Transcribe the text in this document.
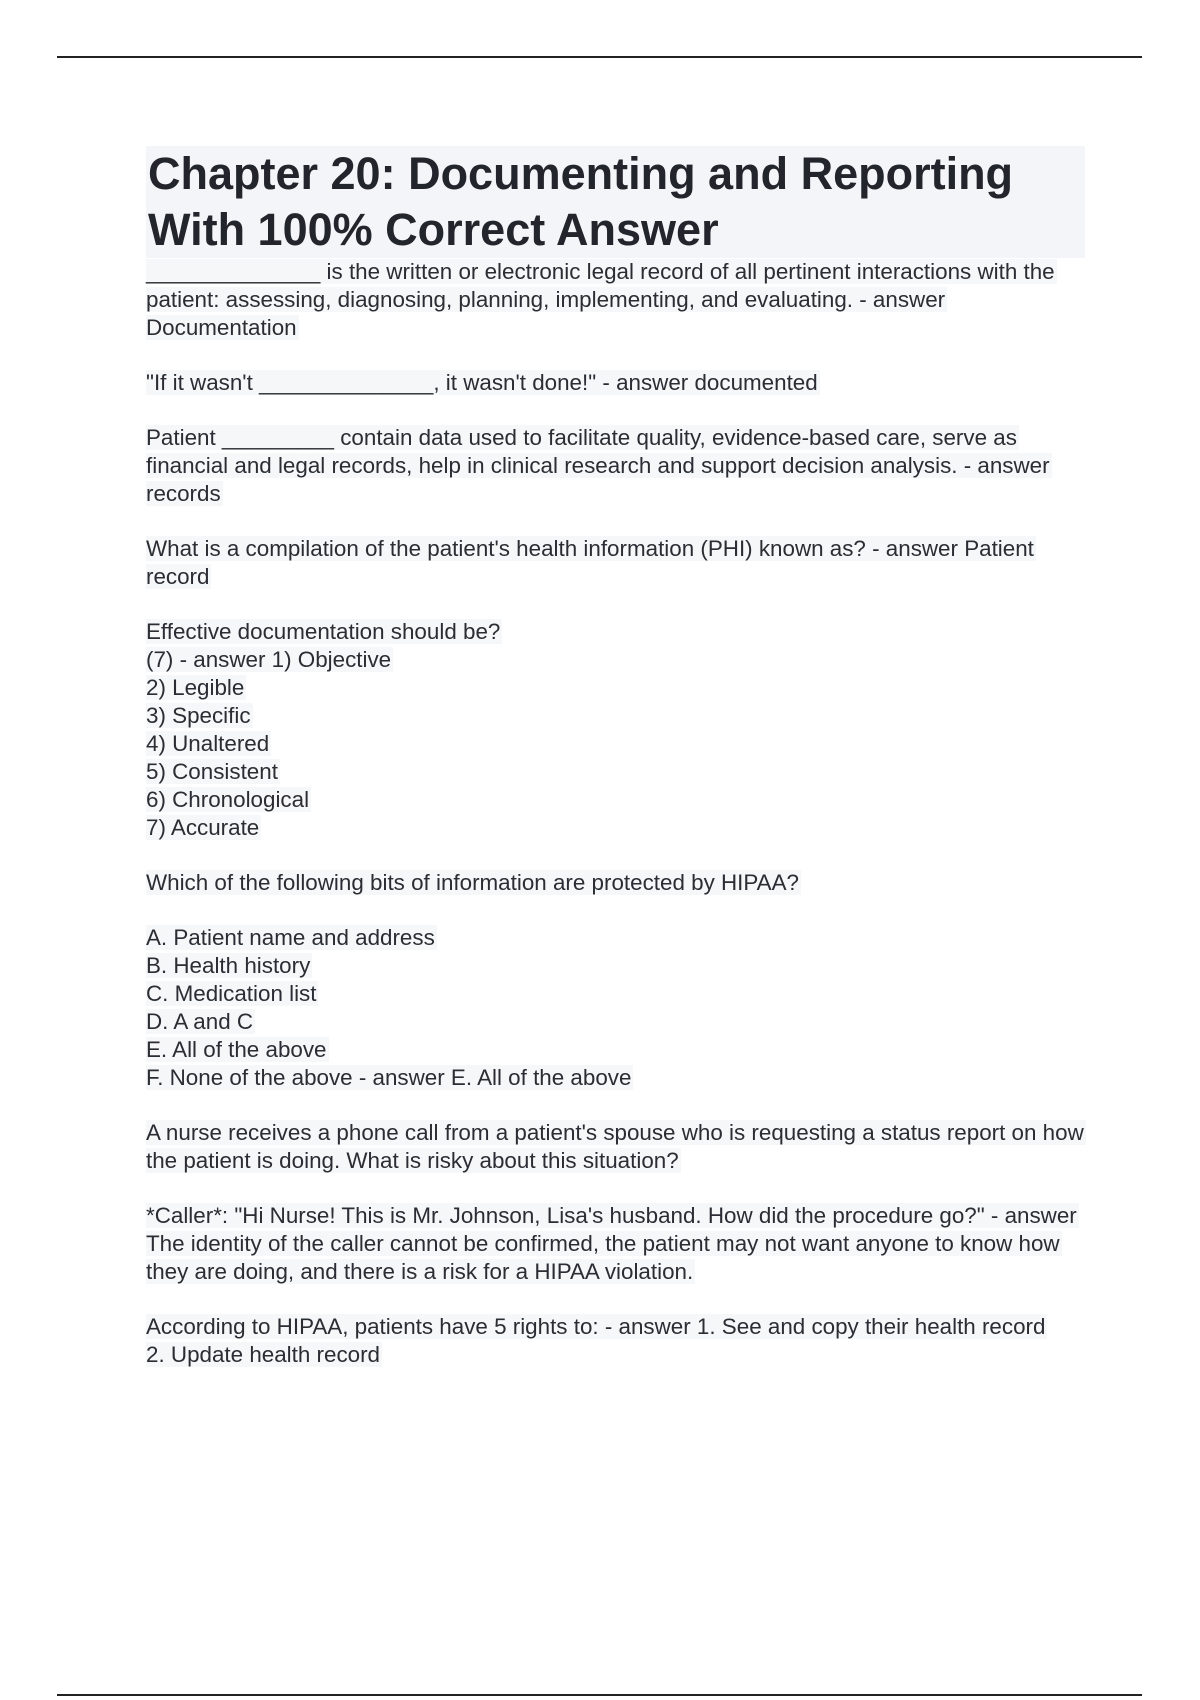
Chapter 20: Documenting and Reporting
With 100% Correct Answer

______________ is the written or electronic legal record of all pertinent interactions with the patient: assessing, diagnosing, planning, implementing, and evaluating. - answer Documentation

"If it wasn't ______________, it wasn't done!" - answer documented

Patient _________ contain data used to facilitate quality, evidence-based care, serve as financial and legal records, help in clinical research and support decision analysis. - answer records

What is a compilation of the patient's health information (PHI) known as? - answer Patient record

Effective documentation should be?
(7) - answer 1) Objective
2) Legible
3) Specific
4) Unaltered
5) Consistent
6) Chronological
7) Accurate

Which of the following bits of information are protected by HIPAA?

A. Patient name and address
B. Health history
C. Medication list
D. A and C
E. All of the above
F. None of the above - answer E. All of the above

A nurse receives a phone call from a patient's spouse who is requesting a status report on how the patient is doing. What is risky about this situation?

*Caller*: "Hi Nurse! This is Mr. Johnson, Lisa's husband. How did the procedure go?" - answer The identity of the caller cannot be confirmed, the patient may not want anyone to know how they are doing, and there is a risk for a HIPAA violation.

According to HIPAA, patients have 5 rights to: - answer 1. See and copy their health record
2. Update health record
